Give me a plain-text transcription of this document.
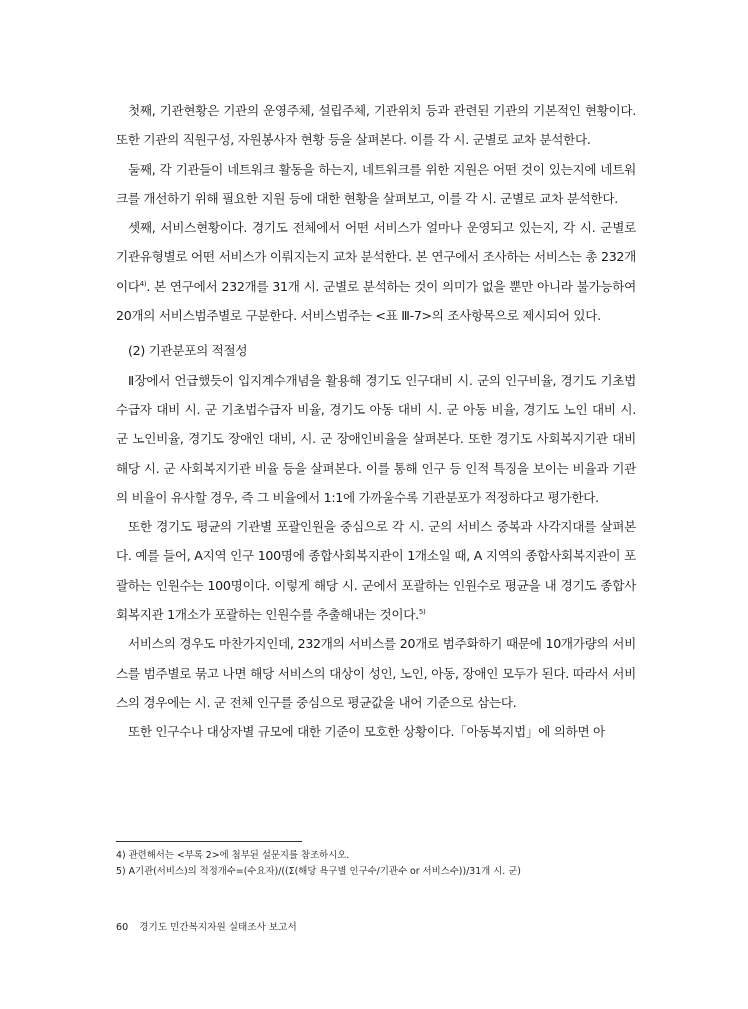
첫째, 기관현황은 기관의 운영주체, 설립주체, 기관위치 등과 관련된 기관의 기본적인 현황이다. 또한 기관의 직원구성, 자원봉사자 현황 등을 살펴본다. 이를 각 시. 군별로 교차 분석한다.

둘째, 각 기관들이 네트워크 활동을 하는지, 네트워크를 위한 지원은 어떤 것이 있는지에 네트워크를 개선하기 위해 필요한 지원 등에 대한 현황을 살펴보고, 이를 각 시. 군별로 교차 분석한다.

셋째, 서비스현황이다. 경기도 전체에서 어떤 서비스가 얼마나 운영되고 있는지, 각 시. 군별로 기관유형별로 어떤 서비스가 이뤄지는지 교차 분석한다. 본 연구에서 조사하는 서비스는 총 232개이다$^{4)}$. 본 연구에서 232개를 31개 시. 군별로 분석하는 것이 의미가 없을 뿐만 아니라 불가능하여 20개의 서비스범주별로 구분한다. 서비스범주는 <표 Ⅲ-7>의 조사항목으로 제시되어 있다.

(2) 기관분포의 적절성

Ⅱ장에서 언급했듯이 입지계수개념을 활용해 경기도 인구대비 시. 군의 인구비율, 경기도 기초법수급자 대비 시. 군 기초법수급자 비율, 경기도 아동 대비 시. 군 아동 비율, 경기도 노인 대비 시. 군 노인비율, 경기도 장애인 대비, 시. 군 장애인비율을 살펴본다. 또한 경기도 사회복지기관 대비 해당 시. 군 사회복지기관 비율 등을 살펴본다. 이를 통해 인구 등 인적 특징을 보이는 비율과 기관의 비율이 유사할 경우, 즉 그 비율에서 1:1에 가까울수록 기관분포가 적정하다고 평가한다.

또한 경기도 평균의 기관별 포괄인원을 중심으로 각 시. 군의 서비스 중복과 사각지대를 살펴본다. 예를 들어, A지역 인구 100명에 종합사회복지관이 1개소일 때, A 지역의 종합사회복지관이 포괄하는 인원수는 100명이다. 이렇게 해당 시. 군에서 포괄하는 인원수로 평균을 내 경기도 종합사회복지관 1개소가 포괄하는 인원수를 추출해내는 것이다.$^{5)}$

서비스의 경우도 마찬가지인데, 232개의 서비스를 20개로 범주화하기 때문에 10개가량의 서비스를 범주별로 묶고 나면 해당 서비스의 대상이 성인, 노인, 아동, 장애인 모두가 된다. 따라서 서비스의 경우에는 시. 군 전체 인구를 중심으로 평균값을 내어 기준으로 삼는다.

또한 인구수나 대상자별 규모에 대한 기준이 모호한 상황이다.「아동복지법」에 의하면 아

4) 관련해서는 <부록 2>에 첨부된 설문지를 참조하시오.

5) A기관(서비스)의 적정개수=(수요자)/((Σ(해당 욕구별 인구수/기관수 or 서비스수))/31개 시. 군)

60 경기도 민간복지자원 실태조사 보고서
